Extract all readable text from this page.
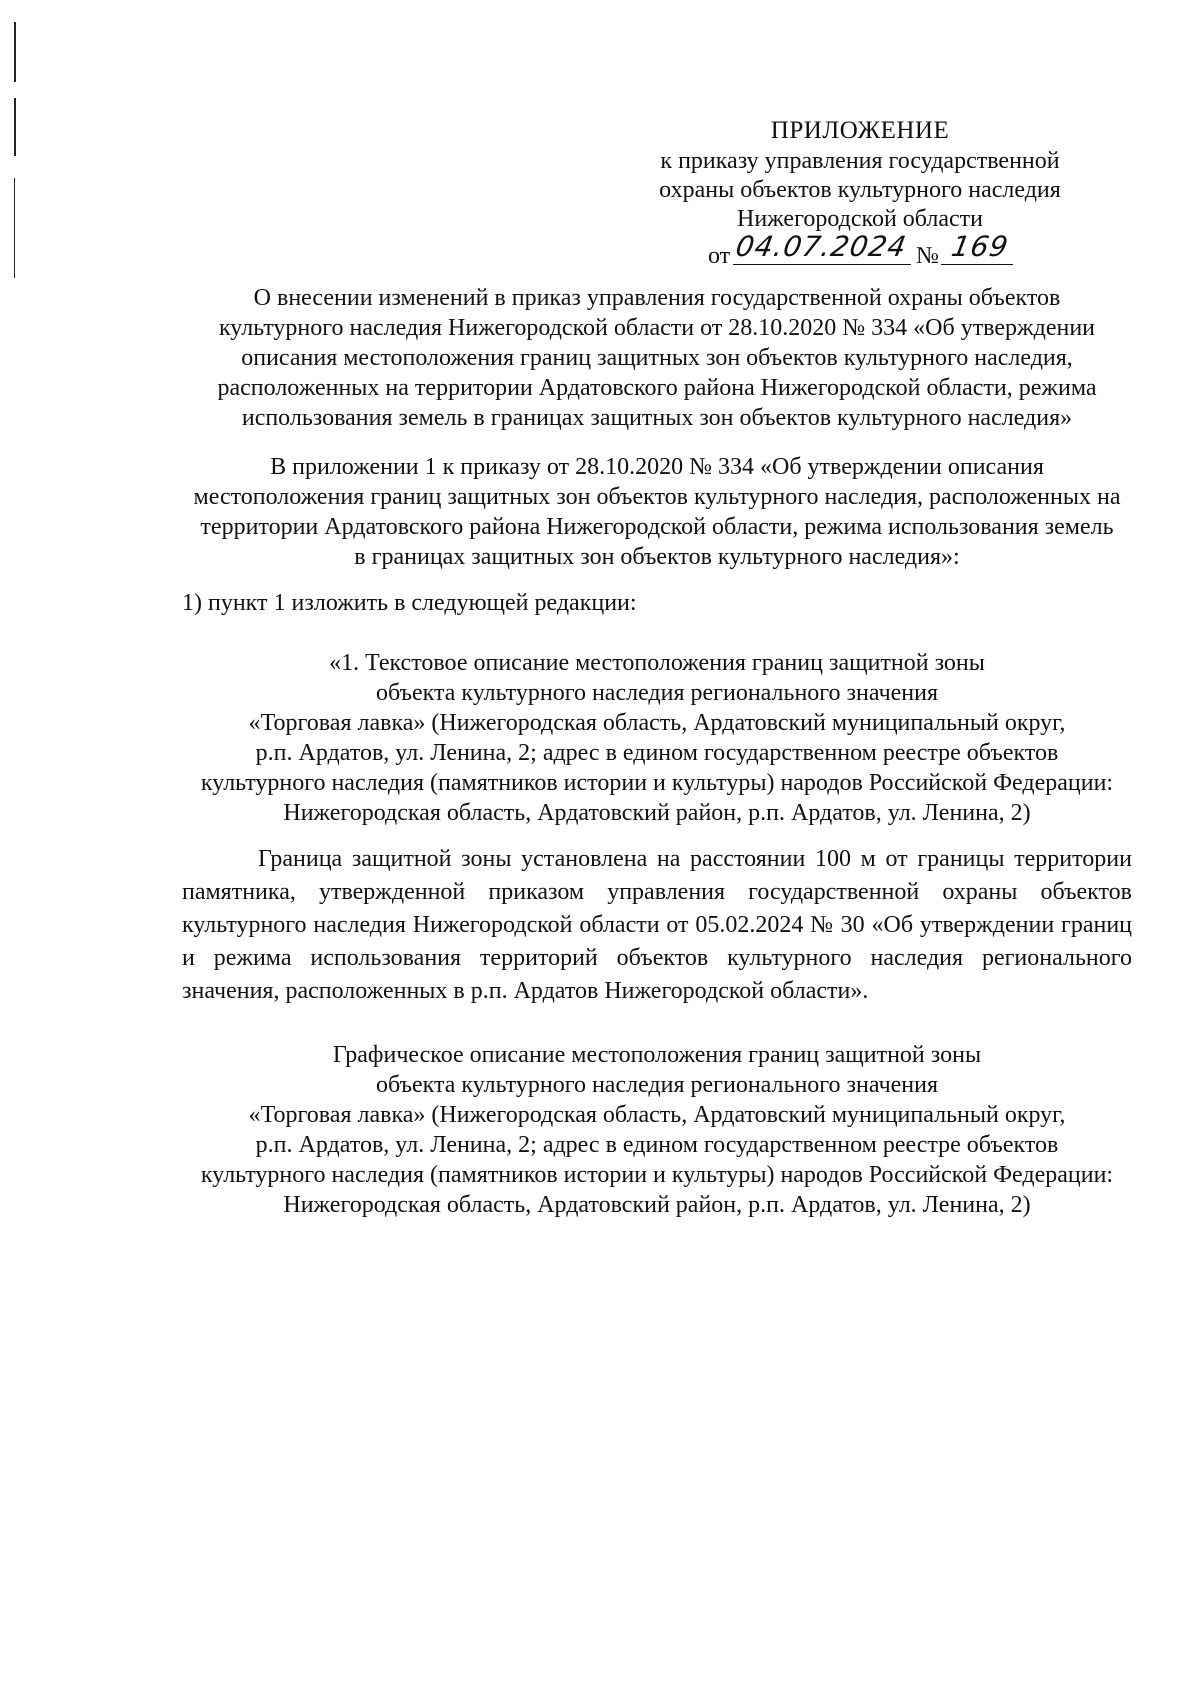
ПРИЛОЖЕНИЕ
к приказу управления государственной
охраны объектов культурного наследия
Нижегородской области
от 04.07.2024 № 169
О внесении изменений в приказ управления государственной охраны объектов
культурного наследия Нижегородской области от 28.10.2020 № 334 «Об утверждении
описания местоположения границ защитных зон объектов культурного наследия,
расположенных на территории Ардатовского района Нижегородской области, режима
использования земель в границах защитных зон объектов культурного наследия»
В приложении 1 к приказу от 28.10.2020 № 334 «Об утверждении описания
местоположения границ защитных зон объектов культурного наследия, расположенных на
территории Ардатовского района Нижегородской области, режима использования земель
в границах защитных зон объектов культурного наследия»:
1) пункт 1 изложить в следующей редакции:
«1. Текстовое описание местоположения границ защитной зоны
объекта культурного наследия регионального значения
«Торговая лавка» (Нижегородская область, Ардатовский муниципальный округ,
р.п. Ардатов, ул. Ленина, 2; адрес в едином государственном реестре объектов
культурного наследия (памятников истории и культуры) народов Российской Федерации:
Нижегородская область, Ардатовский район, р.п. Ардатов, ул. Ленина, 2)
Граница защитной зоны установлена на расстоянии 100 м от границы территории памятника, утвержденной приказом управления государственной охраны объектов культурного наследия Нижегородской области от 05.02.2024 № 30 «Об утверждении границ и режима использования территорий объектов культурного наследия регионального значения, расположенных в р.п. Ардатов Нижегородской области».
Графическое описание местоположения границ защитной зоны
объекта культурного наследия регионального значения
«Торговая лавка» (Нижегородская область, Ардатовский муниципальный округ,
р.п. Ардатов, ул. Ленина, 2; адрес в едином государственном реестре объектов
культурного наследия (памятников истории и культуры) народов Российской Федерации:
Нижегородская область, Ардатовский район, р.п. Ардатов, ул. Ленина, 2)
